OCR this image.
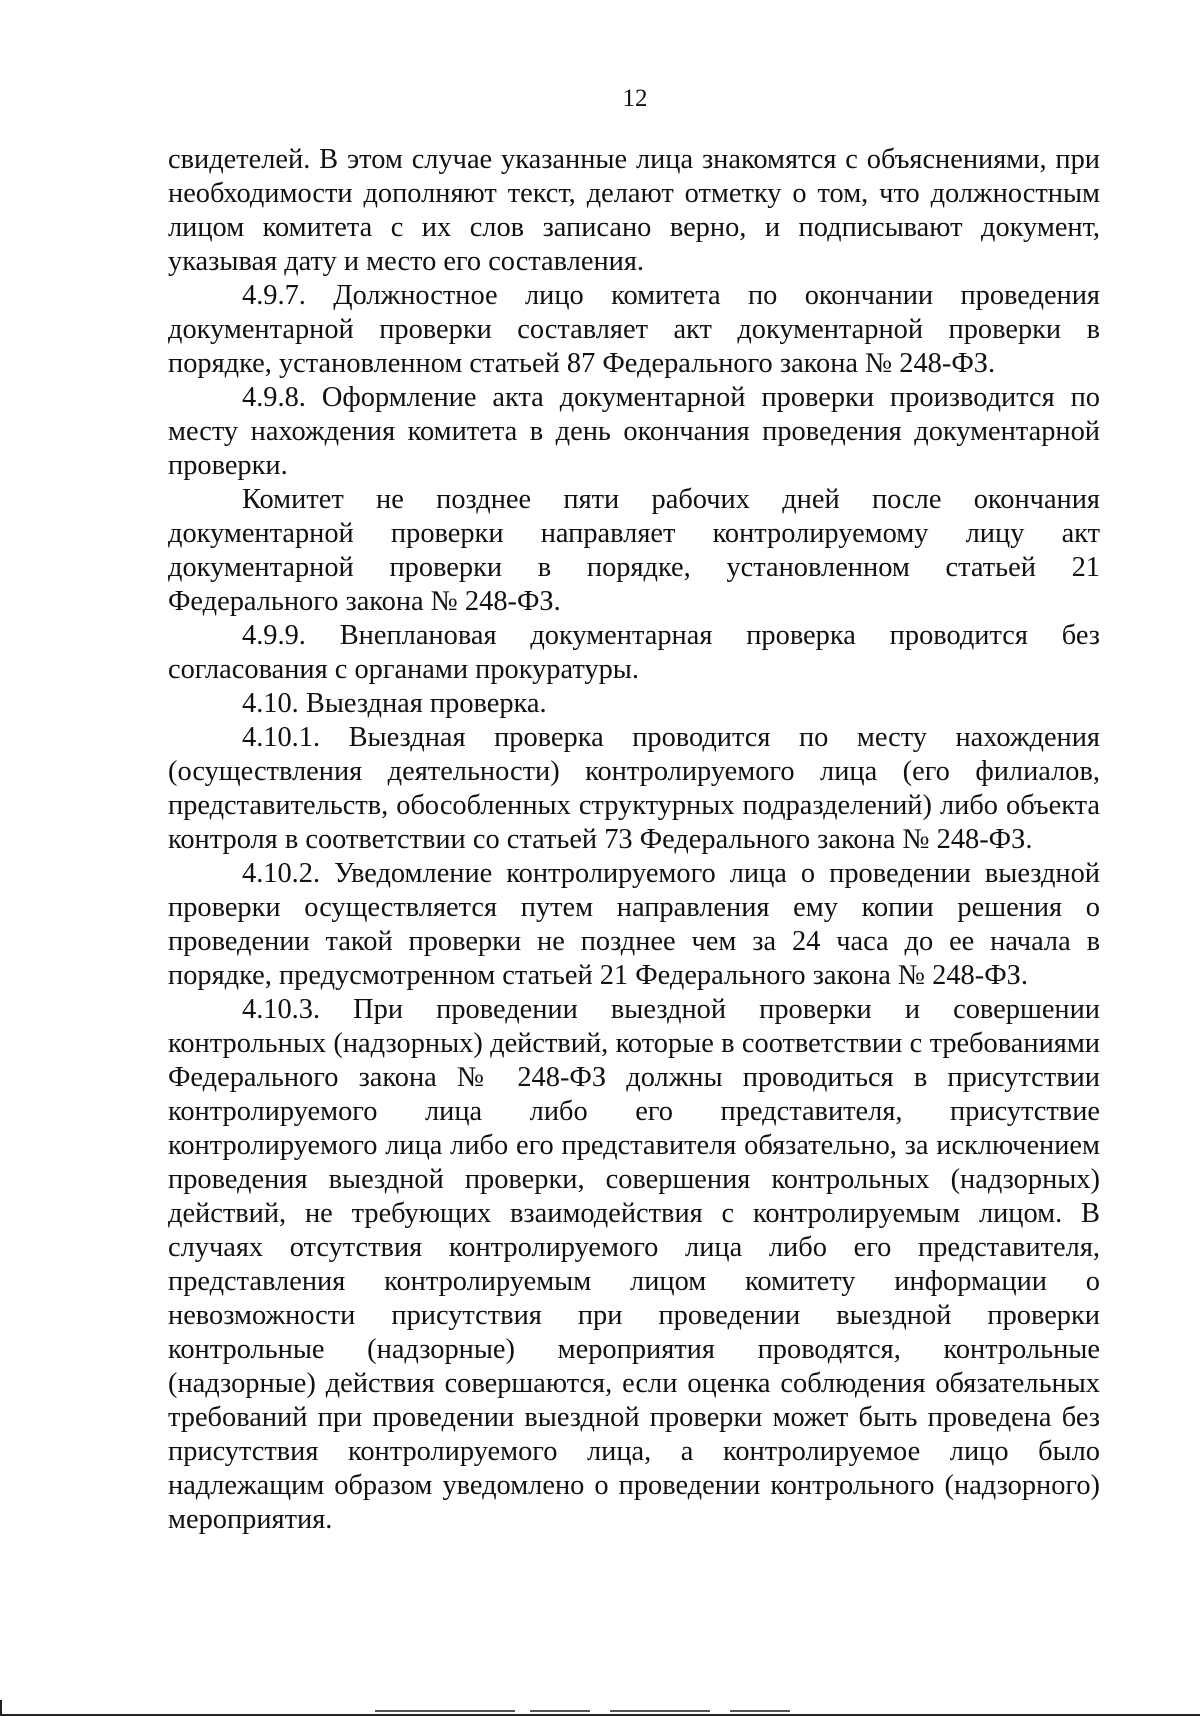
12

свидетелей. В этом случае указанные лица знакомятся с объяснениями, при необходимости дополняют текст, делают отметку о том, что должностным лицом комитета с их слов записано верно, и подписывают документ, указывая дату и место его составления.

4.9.7. Должностное лицо комитета по окончании проведения документарной проверки составляет акт документарной проверки в порядке, установленном статьей 87 Федерального закона № 248-ФЗ.

4.9.8. Оформление акта документарной проверки производится по месту нахождения комитета в день окончания проведения документарной проверки.

Комитет не позднее пяти рабочих дней после окончания документарной проверки направляет контролируемому лицу акт документарной проверки в порядке, установленном статьей 21 Федерального закона № 248-ФЗ.

4.9.9. Внеплановая документарная проверка проводится без согласования с органами прокуратуры.

4.10. Выездная проверка.

4.10.1. Выездная проверка проводится по месту нахождения (осуществления деятельности) контролируемого лица (его филиалов, представительств, обособленных структурных подразделений) либо объекта контроля в соответствии со статьей 73 Федерального закона № 248-ФЗ.

4.10.2. Уведомление контролируемого лица о проведении выездной проверки осуществляется путем направления ему копии решения о проведении такой проверки не позднее чем за 24 часа до ее начала в порядке, предусмотренном статьей 21 Федерального закона № 248-ФЗ.

4.10.3. При проведении выездной проверки и совершении контрольных (надзорных) действий, которые в соответствии с требованиями Федерального закона № 248-ФЗ должны проводиться в присутствии контролируемого лица либо его представителя, присутствие контролируемого лица либо его представителя обязательно, за исключением проведения выездной проверки, совершения контрольных (надзорных) действий, не требующих взаимодействия с контролируемым лицом. В случаях отсутствия контролируемого лица либо его представителя, представления контролируемым лицом комитету информации о невозможности присутствия при проведении выездной проверки контрольные (надзорные) мероприятия проводятся, контрольные (надзорные) действия совершаются, если оценка соблюдения обязательных требований при проведении выездной проверки может быть проведена без присутствия контролируемого лица, а контролируемое лицо было надлежащим образом уведомлено о проведении контрольного (надзорного) мероприятия.
